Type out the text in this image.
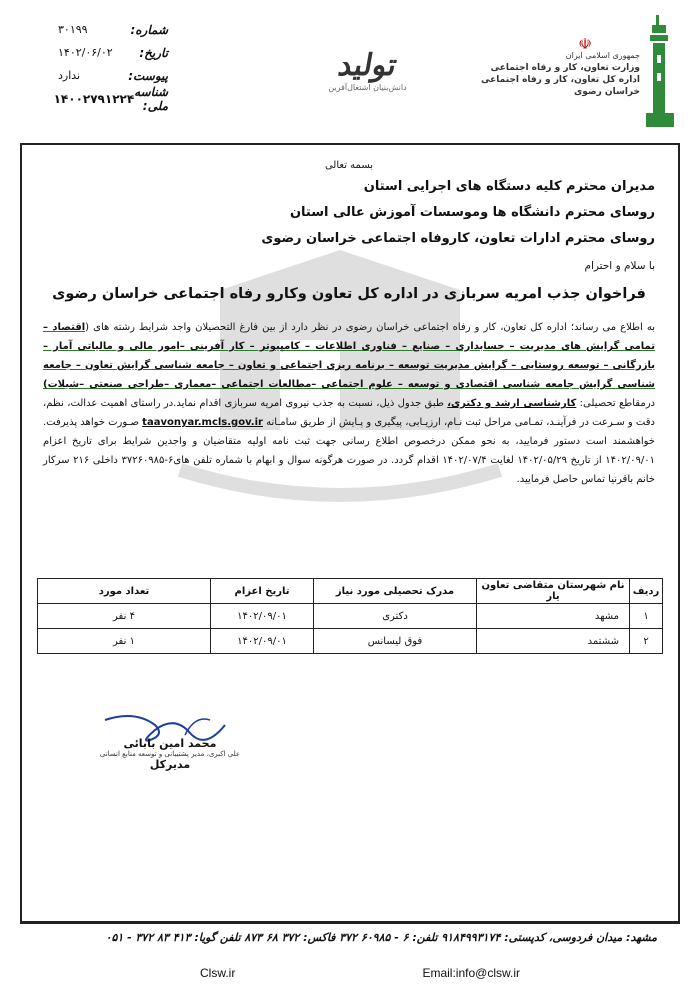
شماره:
۳۰۱۹۹
تاریخ:
۱۴۰۲/۰۶/۰۲
پیوست:
ندارد
شناسه ملی:
۱۴۰۰۲۷۹۱۲۲۴
تولید
دانش‌بنیان اشتغال‌آفرین
☫
جمهوری اسلامی ایران
وزارت تعاون، کار و رفاه اجتماعی
اداره کل تعاون، کار و رفاه اجتماعی خراسان رضوی
بسمه تعالی
مدیران محترم کلیه دستگاه های اجرایی استان
روسای محترم دانشگاه ها وموسسات آموزش عالی استان
روسای محترم ادارات تعاون، کاروفاه اجتماعی خراسان رضوی
با سلام و احترام
فراخوان جذب امریه سربازی در اداره کل تعاون وکارو رفاه اجتماعی خراسان رضوی
به اطلاع می رساند؛ اداره کل تعاون، کار و رفاه اجتماعی خراسان رضوی در نظر دارد از بین فارغ التحصیلان واجد شرایط رشته های (اقتصاد – تمامی گرایش های مدیریت – حسابداری – صنایع – فناوری اطلاعات – کامپیوتر – کار آفرینی –امور مالی و مالیاتی آمار – بازرگانی – توسعه روستایی – گرایش مدیریت توسعه – برنامه ریزی اجتماعی و تعاون – جامعه شناسی گرایش تعاون – جامعه شناسی گرایش جامعه شناسی اقتصادی و توسعه – علوم اجتماعی –مطالعات اجتماعی –معماری –طراحی صنعتی –شیلات) درمقاطع تحصیلی: کارشناسی ارشد و دکتری، طبق جدول ذیل، نسبت به جذب نیروی امریه سربازی اقدام نماید.در راستای اهمیت عدالت، نظم، دقت و سـرعت در فرآینـد، تمـامی مراحل ثبت نـام، ارزیـابی، پیگیری و پـایش از طریق سامـانه taavonyar.mcls.gov.ir صـورت خواهد پذیرفت. خواهشمند است دستور فرمایید، به نحو ممکن درخصوص اطلاع رسانی جهت ثبت نامه اولیه متقاضیان و واجدین شرایط برای تاریخ اعزام ۱۴۰۲/۰۹/۰۱ از تاریخ ۱۴۰۲/۰۵/۲۹ لغایت ۱۴۰۲/۰۷/۴ اقدام گردد. در صورت هرگونه سوال و ابهام با شماره تلفن های۶-۳۷۲۶۰۹۸۵ داخلی ۲۱۶ سرکار خانم باقرنیا تماس حاصل فرمایید.
ردیف	نام شهرستان متقاضی تعاون یار	مدرک تحصیلی مورد نیاز	تاریخ اعزام	تعداد مورد
۱	مشهد	دکتری	۱۴۰۲/۰۹/۰۱	۴ نفر
۲	ششتمد	فوق لیسانس	۱۴۰۲/۰۹/۰۱	۱ نفر
محمد امین بابائی
علی اکبری، مدیر پشتیبانی و توسعه منابع انسانی
مدیرکل
مشهد: میدان فردوسی، کدپستی: ۹۱۸۴۹۹۳۱۷۴ تلفن: ۶ - ۶۰۹۸۵ ۳۷۲ فاکس: ۳۷۲ ۶۸ ۸۷۳ تلفن گویا: ۴۱۳ ۸۳ ۳۷۲ - ۰۵۱
Clsw.ir	Email:info@clsw.ir
